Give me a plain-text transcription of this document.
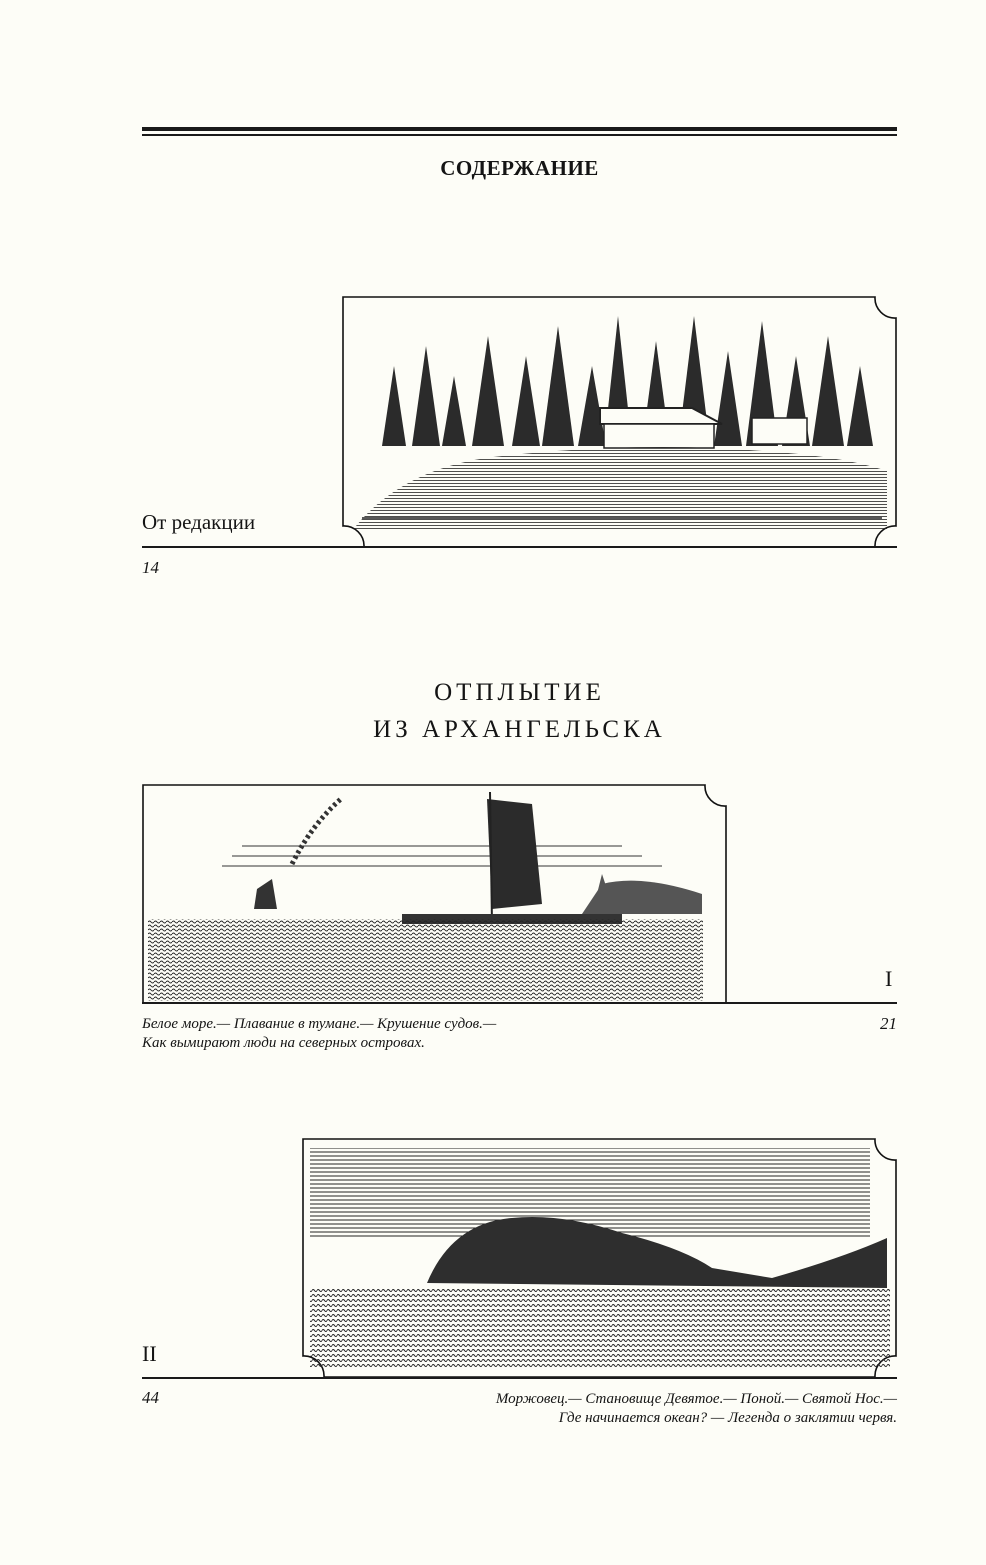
СОДЕРЖАНИЕ
От редакции
14
ОТПЛЫТИЕ
ИЗ АРХАНГЕЛЬСКА
I
Белое море.— Плавание в тумане.— Крушение судов.—
Как вымирают люди на северных островах.
21
II
44	Моржовец.— Становище Девятое.— Поной.— Святой Нос.—
Где начинается океан? — Легенда о заклятии червя.
